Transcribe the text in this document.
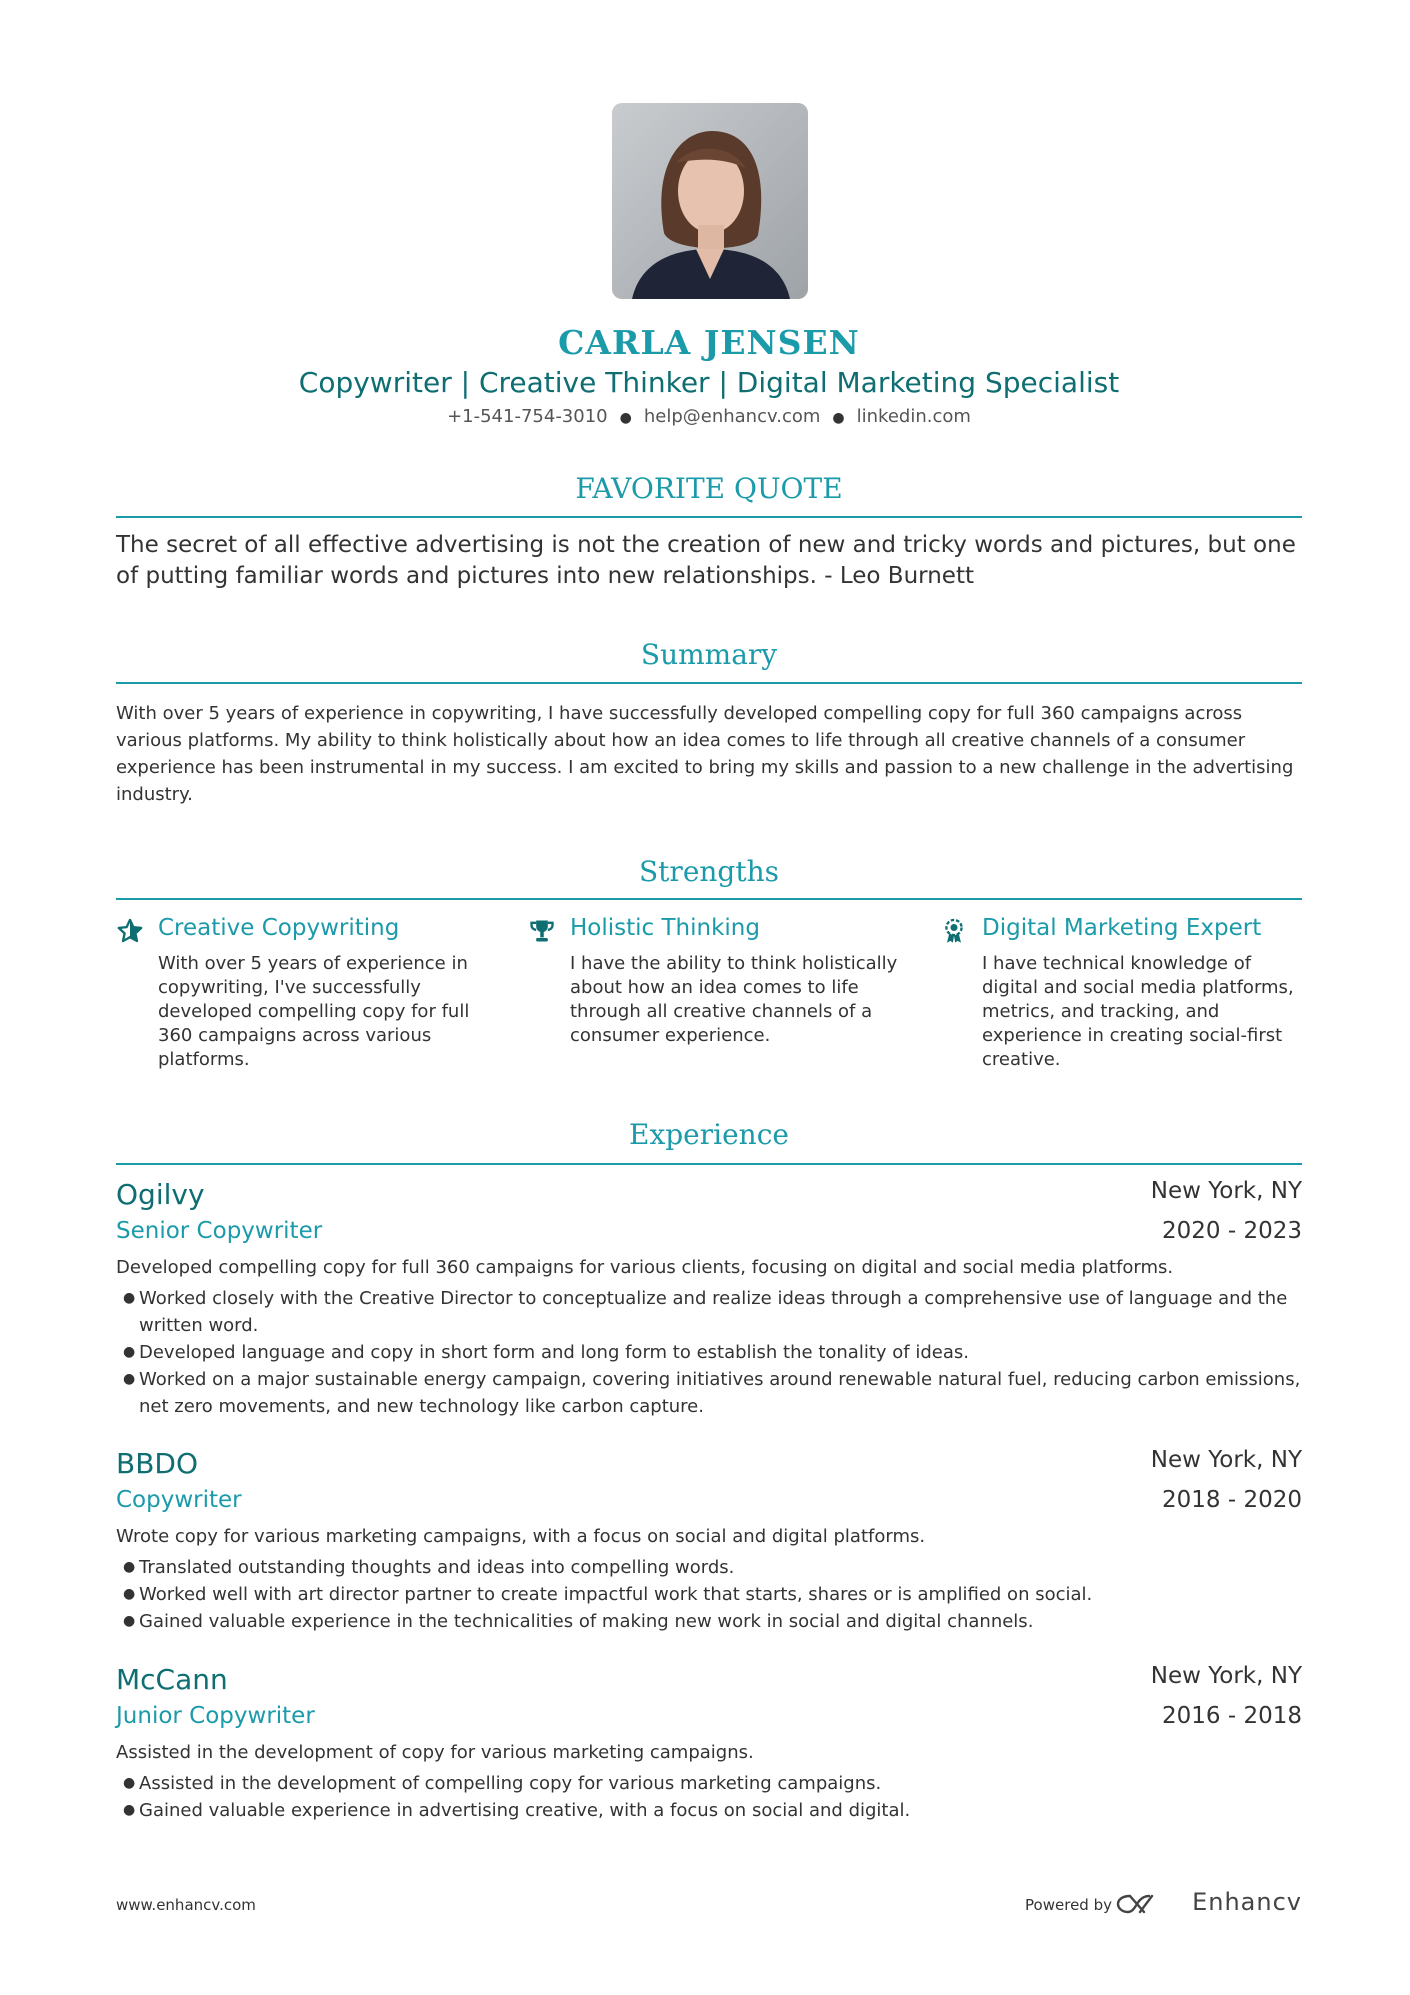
CARLA JENSEN
Copywriter | Creative Thinker | Digital Marketing Specialist
+1-541-754-3010 ● help@enhancv.com ● linkedin.com
FAVORITE QUOTE
The secret of all effective advertising is not the creation of new and tricky words and pictures, but one of putting familiar words and pictures into new relationships. - Leo Burnett
Summary
With over 5 years of experience in copywriting, I have successfully developed compelling copy for full 360 campaigns across various platforms. My ability to think holistically about how an idea comes to life through all creative channels of a consumer experience has been instrumental in my success. I am excited to bring my skills and passion to a new challenge in the advertising industry.
Strengths
Creative Copywriting
With over 5 years of experience in copywriting, I've successfully developed compelling copy for full 360 campaigns across various platforms.
Holistic Thinking
I have the ability to think holistically about how an idea comes to life through all creative channels of a consumer experience.
Digital Marketing Expert
I have technical knowledge of digital and social media platforms, metrics, and tracking, and experience in creating social-first creative.
Experience
Ogilvy	New York, NY
Senior Copywriter	2020 - 2023
Developed compelling copy for full 360 campaigns for various clients, focusing on digital and social media platforms.
● Worked closely with the Creative Director to conceptualize and realize ideas through a comprehensive use of language and the written word.
● Developed language and copy in short form and long form to establish the tonality of ideas.
● Worked on a major sustainable energy campaign, covering initiatives around renewable natural fuel, reducing carbon emissions, net zero movements, and new technology like carbon capture.
BBDO	New York, NY
Copywriter	2018 - 2020
Wrote copy for various marketing campaigns, with a focus on social and digital platforms.
● Translated outstanding thoughts and ideas into compelling words.
● Worked well with art director partner to create impactful work that starts, shares or is amplified on social.
● Gained valuable experience in the technicalities of making new work in social and digital channels.
McCann	New York, NY
Junior Copywriter	2016 - 2018
Assisted in the development of copy for various marketing campaigns.
● Assisted in the development of compelling copy for various marketing campaigns.
● Gained valuable experience in advertising creative, with a focus on social and digital.
www.enhancv.com	Powered by	Enhancv
